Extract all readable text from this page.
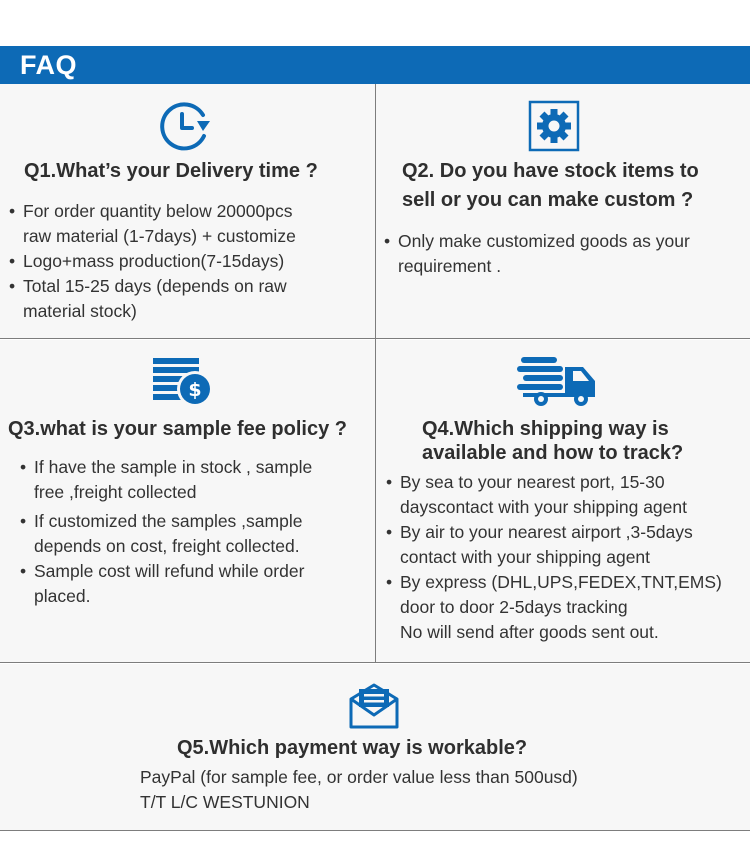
FAQ
Q1.What’s your Delivery time ?
• For order quantity below 20000pcs
raw material (1-7days) + customize
• Logo+mass production(7-15days)
• Total 15-25 days (depends on raw
material stock)
Q2. Do you have stock items to
sell or you can make custom ?
• Only make customized goods as your
requirement .
$
Q3.what is your sample fee policy ?
• If have the sample in stock , sample
free ,freight collected
• If customized the samples ,sample
depends on cost, freight collected.
• Sample cost will refund while order
placed.
Q4.Which shipping way is
available and how to track?
• By sea to your nearest port, 15-30
dayscontact with your shipping agent
• By air to your nearest airport ,3-5days
contact with your shipping agent
• By express (DHL,UPS,FEDEX,TNT,EMS)
door to door 2-5days tracking
No will send after goods sent out.
Q5.Which payment way is workable?
PayPal (for sample fee, or order value less than 500usd)
T/T L/C WESTUNION
